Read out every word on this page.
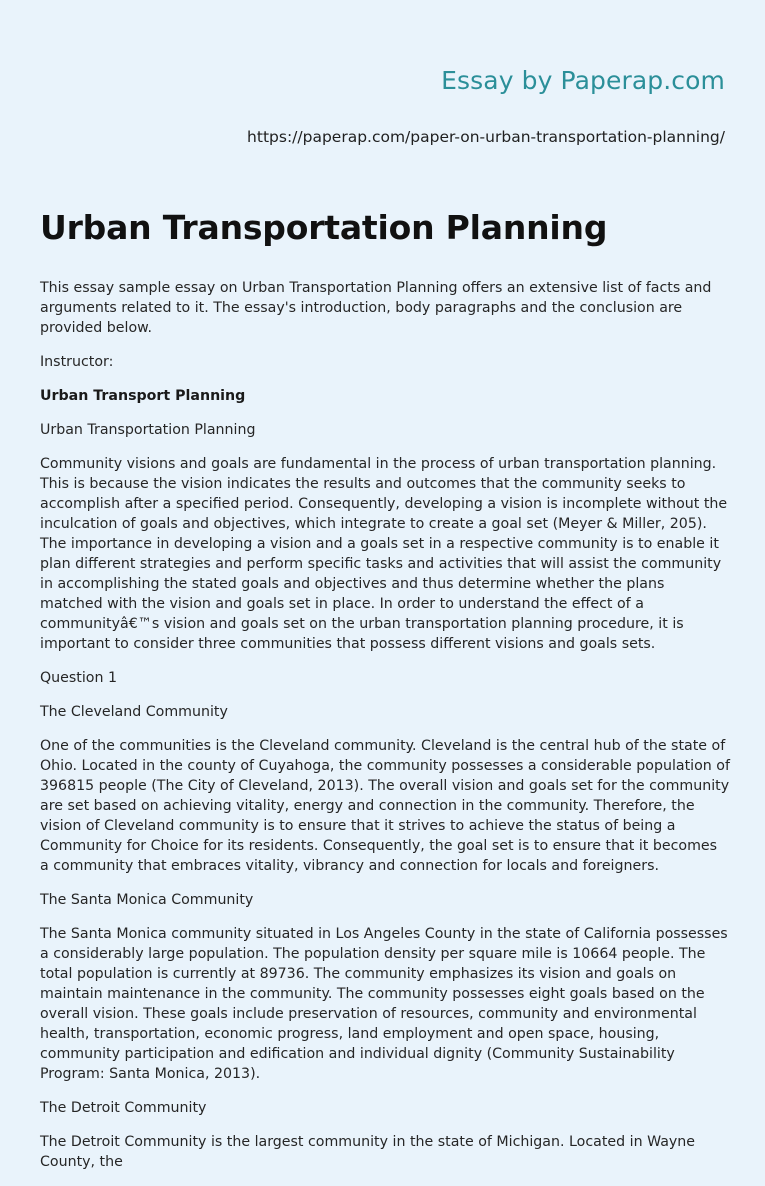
Essay by Paperap.com
https://paperap.com/paper-on-urban-transportation-planning/
Urban Transportation Planning

This essay sample essay on Urban Transportation Planning offers an extensive list of facts and arguments related to it. The essay's introduction, body paragraphs and the conclusion are provided below.

Instructor:

Urban Transport Planning

Urban Transportation Planning

Community visions and goals are fundamental in the process of urban transportation planning. This is because the vision indicates the results and outcomes that the community seeks to accomplish after a specified period. Consequently, developing a vision is incomplete without the inculcation of goals and objectives, which integrate to create a goal set (Meyer & Miller, 205). The importance in developing a vision and a goals set in a respective community is to enable it plan different strategies and perform specific tasks and activities that will assist the community in accomplishing the stated goals and objectives and thus determine whether the plans matched with the vision and goals set in place. In order to understand the effect of a communityâ€™s vision and goals set on the urban transportation planning procedure, it is important to consider three communities that possess different visions and goals sets.

Question 1

The Cleveland Community

One of the communities is the Cleveland community. Cleveland is the central hub of the state of Ohio. Located in the county of Cuyahoga, the community possesses a considerable population of 396815 people (The City of Cleveland, 2013). The overall vision and goals set for the community are set based on achieving vitality, energy and connection in the community. Therefore, the vision of Cleveland community is to ensure that it strives to achieve the status of being a Community for Choice for its residents. Consequently, the goal set is to ensure that it becomes a community that embraces vitality, vibrancy and connection for locals and foreigners.

The Santa Monica Community

The Santa Monica community situated in Los Angeles County in the state of California possesses a considerably large population. The population density per square mile is 10664 people. The total population is currently at 89736. The community emphasizes its vision and goals on maintain maintenance in the community. The community possesses eight goals based on the overall vision. These goals include preservation of resources, community and environmental health, transportation, economic progress, land employment and open space, housing, community participation and edification and individual dignity (Community Sustainability Program: Santa Monica, 2013).

The Detroit Community

The Detroit Community is the largest community in the state of Michigan. Located in Wayne County, the
